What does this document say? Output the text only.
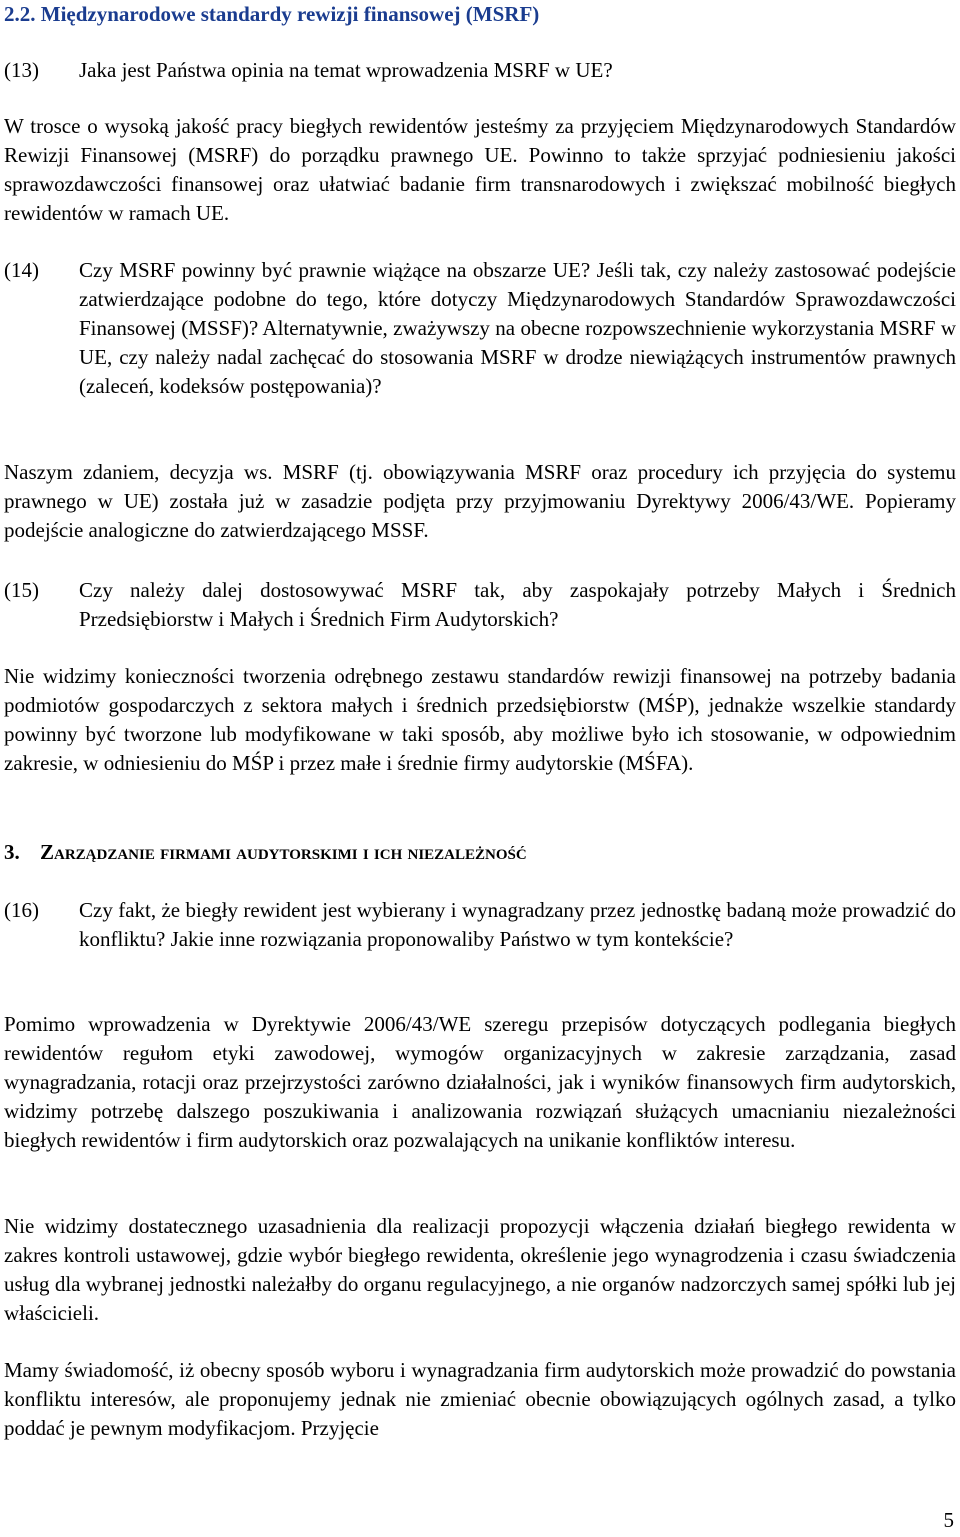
2.2. Międzynarodowe standardy rewizji finansowej (MSRF)
(13)	Jaka jest Państwa opinia na temat wprowadzenia MSRF w UE?
W trosce o wysoką jakość pracy biegłych rewidentów jesteśmy za przyjęciem Międzynarodowych Standardów Rewizji Finansowej (MSRF) do porządku prawnego UE. Powinno to także sprzyjać podniesieniu jakości sprawozdawczości finansowej oraz ułatwiać badanie firm transnarodowych i zwiększać mobilność biegłych rewidentów w ramach UE.
(14)	Czy MSRF powinny być prawnie wiążące na obszarze UE? Jeśli tak, czy należy zastosować podejście zatwierdzające podobne do tego, które dotyczy Międzynarodowych Standardów Sprawozdawczości Finansowej (MSSF)? Alternatywnie, zważywszy na obecne rozpowszechnienie wykorzystania MSRF w UE, czy należy nadal zachęcać do stosowania MSRF w drodze niewiążących instrumentów prawnych (zaleceń, kodeksów postępowania)?
Naszym zdaniem, decyzja ws. MSRF (tj. obowiązywania MSRF oraz procedury ich przyjęcia do systemu prawnego w UE) została już w zasadzie podjęta przy przyjmowaniu Dyrektywy 2006/43/WE. Popieramy podejście analogiczne do zatwierdzającego MSSF.
(15)	Czy należy dalej dostosowywać MSRF tak, aby zaspokajały potrzeby Małych i Średnich Przedsiębiorstw i Małych i Średnich Firm Audytorskich?
Nie widzimy konieczności tworzenia odrębnego zestawu standardów rewizji finansowej na potrzeby badania podmiotów gospodarczych z sektora małych i średnich przedsiębiorstw (MŚP), jednakże wszelkie standardy powinny być tworzone lub modyfikowane w taki sposób, aby możliwe było ich stosowanie, w odpowiednim zakresie, w odniesieniu do MŚP i przez małe i średnie firmy audytorskie (MŚFA).
3. Zarządzanie firmami audytorskimi i ich niezależność
(16)	Czy fakt, że biegły rewident jest wybierany i wynagradzany przez jednostkę badaną może prowadzić do konfliktu? Jakie inne rozwiązania proponowaliby Państwo w tym kontekście?
Pomimo wprowadzenia w Dyrektywie 2006/43/WE szeregu przepisów dotyczących podlegania biegłych rewidentów regułom etyki zawodowej, wymogów organizacyjnych w zakresie zarządzania, zasad wynagradzania, rotacji oraz przejrzystości zarówno działalności, jak i wyników finansowych firm audytorskich, widzimy potrzebę dalszego poszukiwania i analizowania rozwiązań służących umacnianiu niezależności biegłych rewidentów i firm audytorskich oraz pozwalających na unikanie konfliktów interesu.
Nie widzimy dostatecznego uzasadnienia dla realizacji propozycji włączenia działań biegłego rewidenta w zakres kontroli ustawowej, gdzie wybór biegłego rewidenta, określenie jego wynagrodzenia i czasu świadczenia usług dla wybranej jednostki należałby do organu regulacyjnego, a nie organów nadzorczych samej spółki lub jej właścicieli.
Mamy świadomość, iż obecny sposób wyboru i wynagradzania firm audytorskich może prowadzić do powstania konfliktu interesów, ale proponujemy jednak nie zmieniać obecnie obowiązujących ogólnych zasad, a tylko poddać je pewnym modyfikacjom. Przyjęcie
5
